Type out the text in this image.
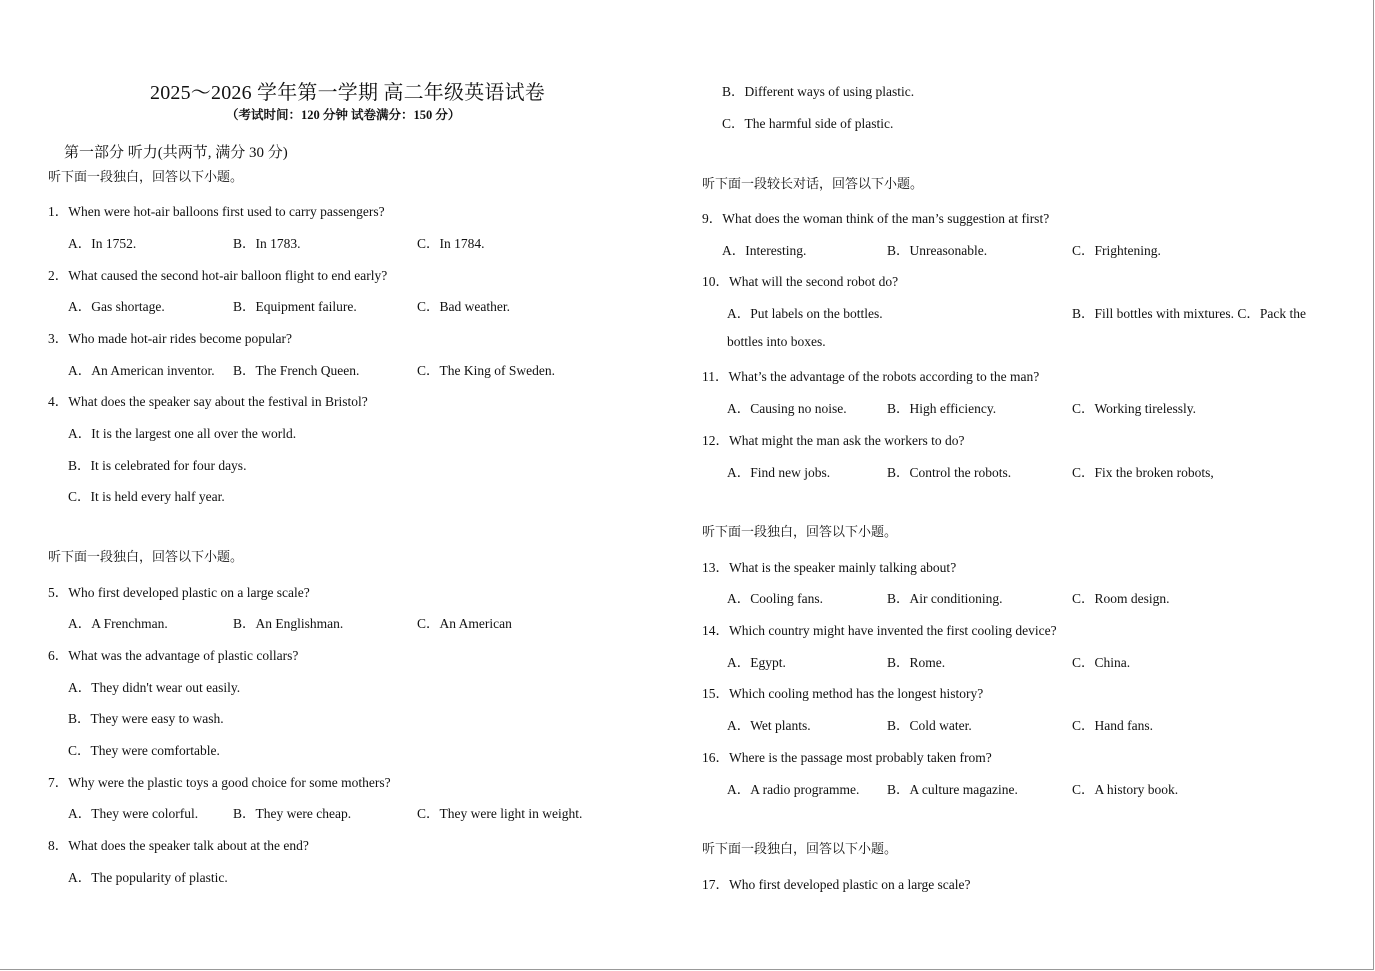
2025～2026 学年第一学期 高二年级英语试卷
（考试时间：120 分钟 试卷满分：150 分）
第一部分 听力(共两节, 满分 30 分)
听下面一段独白，回答以下小题。
1．When were hot-air balloons first used to carry passengers?
A．In 1752.	B．In 1783.	C．In 1784.
2．What caused the second hot-air balloon flight to end early?
A．Gas shortage.	B．Equipment failure.	C．Bad weather.
3．Who made hot-air rides become popular?
A．An American inventor. B．The French Queen.	C．The King of Sweden.
4．What does the speaker say about the festival in Bristol?
A．It is the largest one all over the world.
B．It is celebrated for four days.
C．It is held every half year.
听下面一段独白，回答以下小题。
5．Who first developed plastic on a large scale?
A．A Frenchman.	B．An Englishman.	C．An American
6．What was the advantage of plastic collars?
A．They didn't wear out easily.
B．They were easy to wash.
C．They were comfortable.
7．Why were the plastic toys a good choice for some mothers?
A．They were colorful.	B．They were cheap.	C．They were light in weight.
8．What does the speaker talk about at the end?
A．The popularity of plastic.
B．Different ways of using plastic.
C．The harmful side of plastic.
听下面一段较长对话，回答以下小题。
9．What does the woman think of the man’s suggestion at first?
A．Interesting.	B．Unreasonable.	C．Frightening.
10．What will the second robot do?
A．Put labels on the bottles.	B．Fill bottles with mixtures. C．Pack the
bottles into boxes.
11．What’s the advantage of the robots according to the man?
A．Causing no noise.	B．High efficiency.	C．Working tirelessly.
12．What might the man ask the workers to do?
A．Find new jobs.	B．Control the robots.	C．Fix the broken robots,
听下面一段独白，回答以下小题。
13．What is the speaker mainly talking about?
A．Cooling fans.	B．Air conditioning.	C．Room design.
14．Which country might have invented the first cooling device?
A．Egypt.	B．Rome.	C．China.
15．Which cooling method has the longest history?
A．Wet plants.	B．Cold water.	C．Hand fans.
16．Where is the passage most probably taken from?
A．A radio programme. B．A culture magazine.	C．A history book.
听下面一段独白，回答以下小题。
17．Who first developed plastic on a large scale?
